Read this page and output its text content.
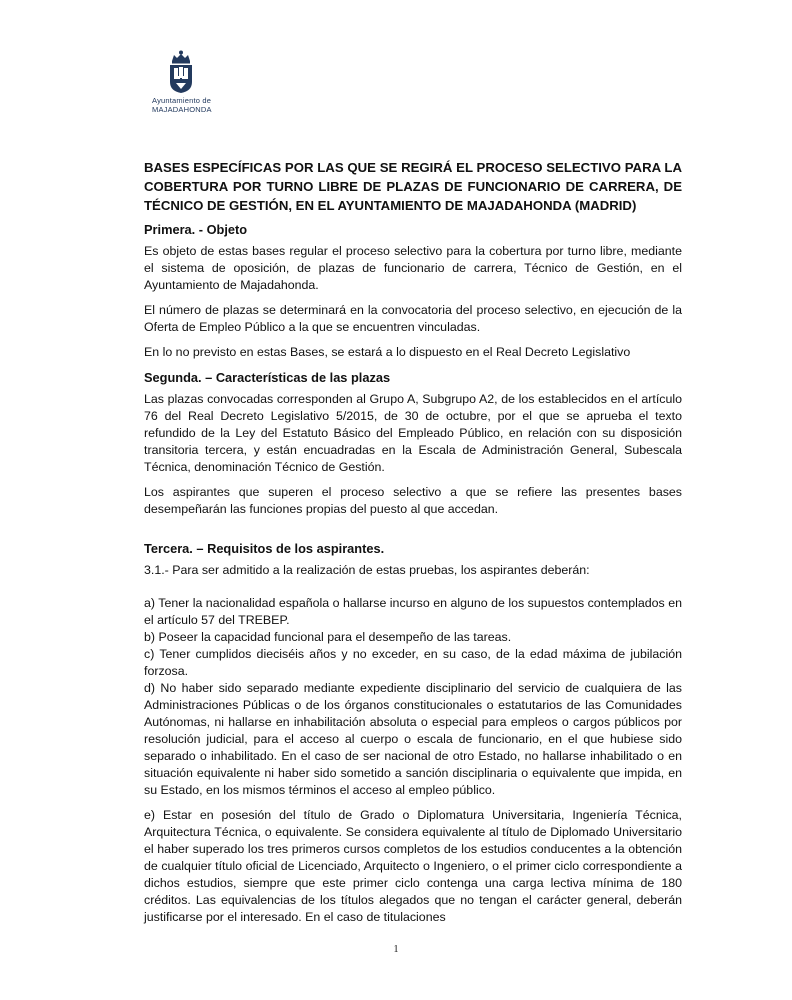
Ayuntamiento de
MAJADAHONDA

BASES ESPECÍFICAS POR LAS QUE SE REGIRÁ EL PROCESO SELECTIVO PARA LA COBERTURA POR TURNO LIBRE DE PLAZAS DE FUNCIONARIO DE CARRERA, DE TÉCNICO DE GESTIÓN, EN EL AYUNTAMIENTO DE MAJADAHONDA (MADRID)

Primera. - Objeto

Es objeto de estas bases regular el proceso selectivo para la cobertura por turno libre, mediante el sistema de oposición, de plazas de funcionario de carrera, Técnico de Gestión, en el Ayuntamiento de Majadahonda.

El número de plazas se determinará en la convocatoria del proceso selectivo, en ejecución de la Oferta de Empleo Público a la que se encuentren vinculadas.

En lo no previsto en estas Bases, se estará a lo dispuesto en el Real Decreto Legislativo

Segunda. – Características de las plazas

Las plazas convocadas corresponden al Grupo A, Subgrupo A2, de los establecidos en el artículo 76 del Real Decreto Legislativo 5/2015, de 30 de octubre, por el que se aprueba el texto refundido de la Ley del Estatuto Básico del Empleado Público, en relación con su disposición transitoria tercera, y están encuadradas en la Escala de Administración General, Subescala Técnica, denominación Técnico de Gestión.

Los aspirantes que superen el proceso selectivo a que se refiere las presentes bases desempeñarán las funciones propias del puesto al que accedan.

Tercera. – Requisitos de los aspirantes.

3.1.- Para ser admitido a la realización de estas pruebas, los aspirantes deberán:

a) Tener la nacionalidad española o hallarse incurso en alguno de los supuestos contemplados en el artículo 57 del TREBEP.

b) Poseer la capacidad funcional para el desempeño de las tareas.

c) Tener cumplidos dieciséis años y no exceder, en su caso, de la edad máxima de jubilación forzosa.

d) No haber sido separado mediante expediente disciplinario del servicio de cualquiera de las Administraciones Públicas o de los órganos constitucionales o estatutarios de las Comunidades Autónomas, ni hallarse en inhabilitación absoluta o especial para empleos o cargos públicos por resolución judicial, para el acceso al cuerpo o escala de funcionario, en el que hubiese sido separado o inhabilitado. En el caso de ser nacional de otro Estado, no hallarse inhabilitado o en situación equivalente ni haber sido sometido a sanción disciplinaria o equivalente que impida, en su Estado, en los mismos términos el acceso al empleo público.

e) Estar en posesión del título de Grado o Diplomatura Universitaria, Ingeniería Técnica, Arquitectura Técnica, o equivalente. Se considera equivalente al título de Diplomado Universitario el haber superado los tres primeros cursos completos de los estudios conducentes a la obtención de cualquier título oficial de Licenciado, Arquitecto o Ingeniero, o el primer ciclo correspondiente a dichos estudios, siempre que este primer ciclo contenga una carga lectiva mínima de 180 créditos. Las equivalencias de los títulos alegados que no tengan el carácter general, deberán justificarse por el interesado. En el caso de titulaciones

1
